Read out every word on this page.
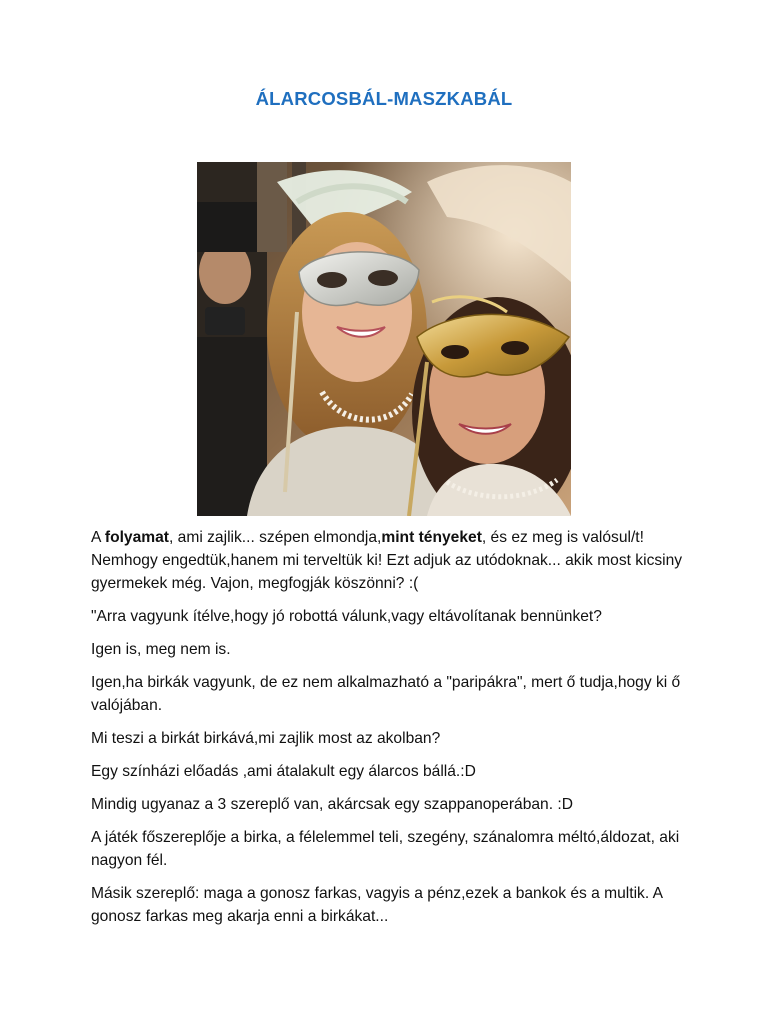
ÁLARCOSBÁL-MASZKABÁL

A folyamat, ami zajlik... szépen elmondja,mint tényeket, és ez meg is valósul/t! Nemhogy engedtük,hanem mi terveltük ki! Ezt adjuk az utódoknak... akik most kicsiny gyermekek még. Vajon, megfogják köszönni? :(

"Arra vagyunk ítélve,hogy jó robottá válunk,vagy eltávolítanak bennünket?

Igen is, meg nem is.

Igen,ha birkák vagyunk, de ez nem alkalmazható a "paripákra", mert ő tudja,hogy ki ő valójában.

Mi teszi a birkát birkává,mi zajlik most az akolban?

Egy színházi előadás ,ami átalakult egy álarcos bállá.:D

Mindig ugyanaz a 3 szereplő van, akárcsak egy szappanoperában. :D

A játék főszereplője a birka, a félelemmel teli, szegény, szánalomra méltó,áldozat, aki nagyon fél.

Másik szereplő: maga a gonosz farkas, vagyis a pénz,ezek a bankok és a multik. A gonosz farkas meg akarja enni a birkákat...
